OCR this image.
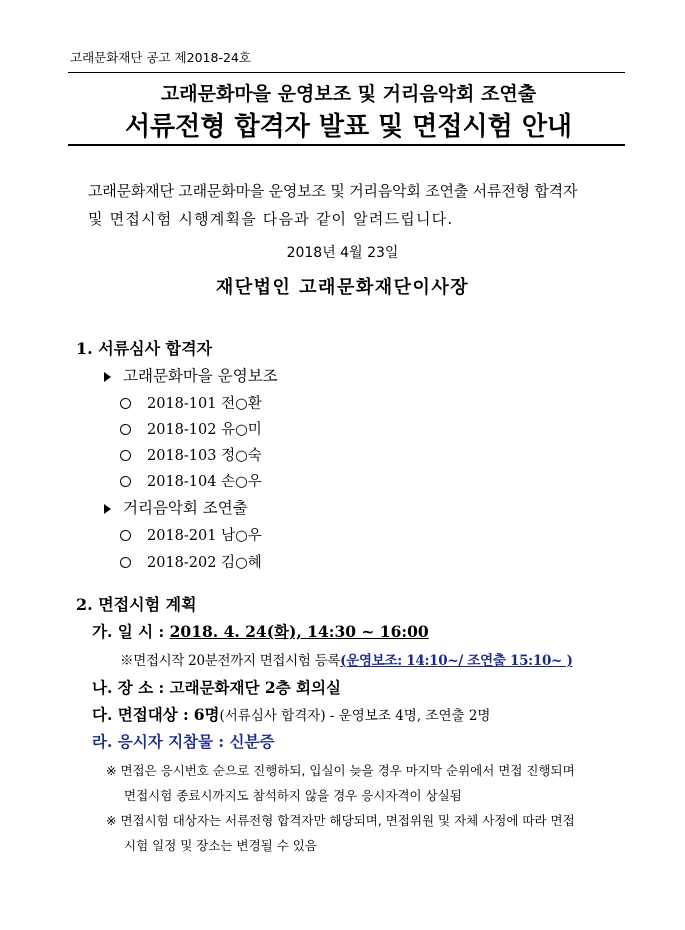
고래문화재단 공고 제2018-24호
고래문화마을 운영보조 및 거리음악회 조연출
서류전형 합격자 발표 및 면접시험 안내
고래문화재단 고래문화마을 운영보조 및 거리음악회 조연출 서류전형 합격자
및 면접시험 시행계획을 다음과 같이 알려드립니다.
2018년 4월 23일
재단법인 고래문화재단이사장
1. 서류심사 합격자
고래문화마을 운영보조
2018-101 전○환
2018-102 유○미
2018-103 정○숙
2018-104 손○우
거리음악회 조연출
2018-201 남○우
2018-202 김○혜
2. 면접시험 계획
가. 일 시 : 2018. 4. 24(화), 14:30 ~ 16:00
※면접시작 20분전까지 면접시험 등록(운영보조: 14:10~/ 조연출 15:10~ )
나. 장 소 : 고래문화재단 2층 회의실
다. 면접대상 : 6명(서류심사 합격자) - 운영보조 4명, 조연출 2명
라. 응시자 지참물 : 신분증
※ 면접은 응시번호 순으로 진행하되, 입실이 늦을 경우 마지막 순위에서 면접 진행되며
면접시험 종료시까지도 참석하지 않을 경우 응시자격이 상실됨
※ 면접시험 대상자는 서류전형 합격자만 해당되며, 면접위원 및 자체 사정에 따라 면접
시험 일정 및 장소는 변경될 수 있음
